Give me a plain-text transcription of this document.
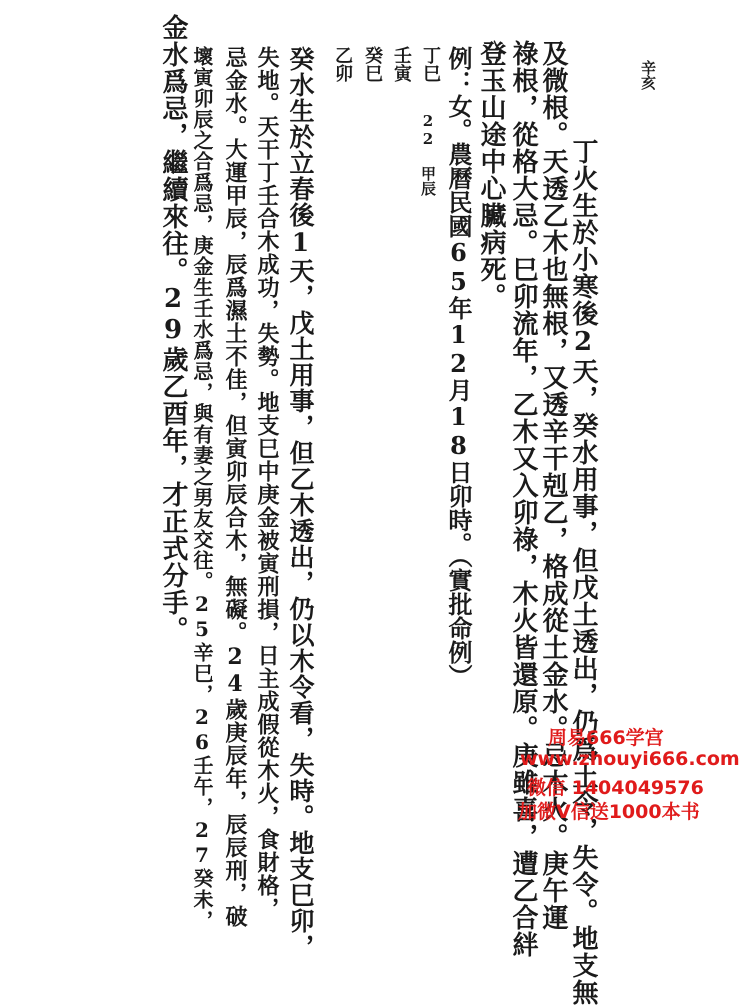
辛亥
丁火生於小寒後2天，癸水用事，但戊土透出，仍爲土令，失令。地支無
及微根。天透乙木也無根，又透辛干剋乙，格成從土金水。忌木火。庚午運
祿根，從格大忌。巳卯流年，乙木又入卯祿，木火皆還原。庚雖喜，遭乙合絆
登玉山途中心臟病死。
例：女。農曆民國65年12月18日卯時。（實批命例）
22 甲辰
丁巳
壬寅
癸巳
乙卯
癸水生於立春後1天，戊土用事，但乙木透出，仍以木令看，失時。地支巳卯，
失地。天干丁壬合木成功，失勢。地支巳中庚金被寅刑損，日主成假從木火，食財格，
忌金水。大運甲辰，辰爲濕土不佳，但寅卯辰合木，無礙。24歲庚辰年，辰辰刑，破
壞寅卯辰之合爲忌，庚金生壬水爲忌，與有妻之男友交往。25辛巳，26壬午，27癸未，
金水爲忌，繼續來往。29歲乙酉年，才正式分手。
周易666学宫
www.zhouyi666.com
微信 1404049576
加微V信送1000本书
